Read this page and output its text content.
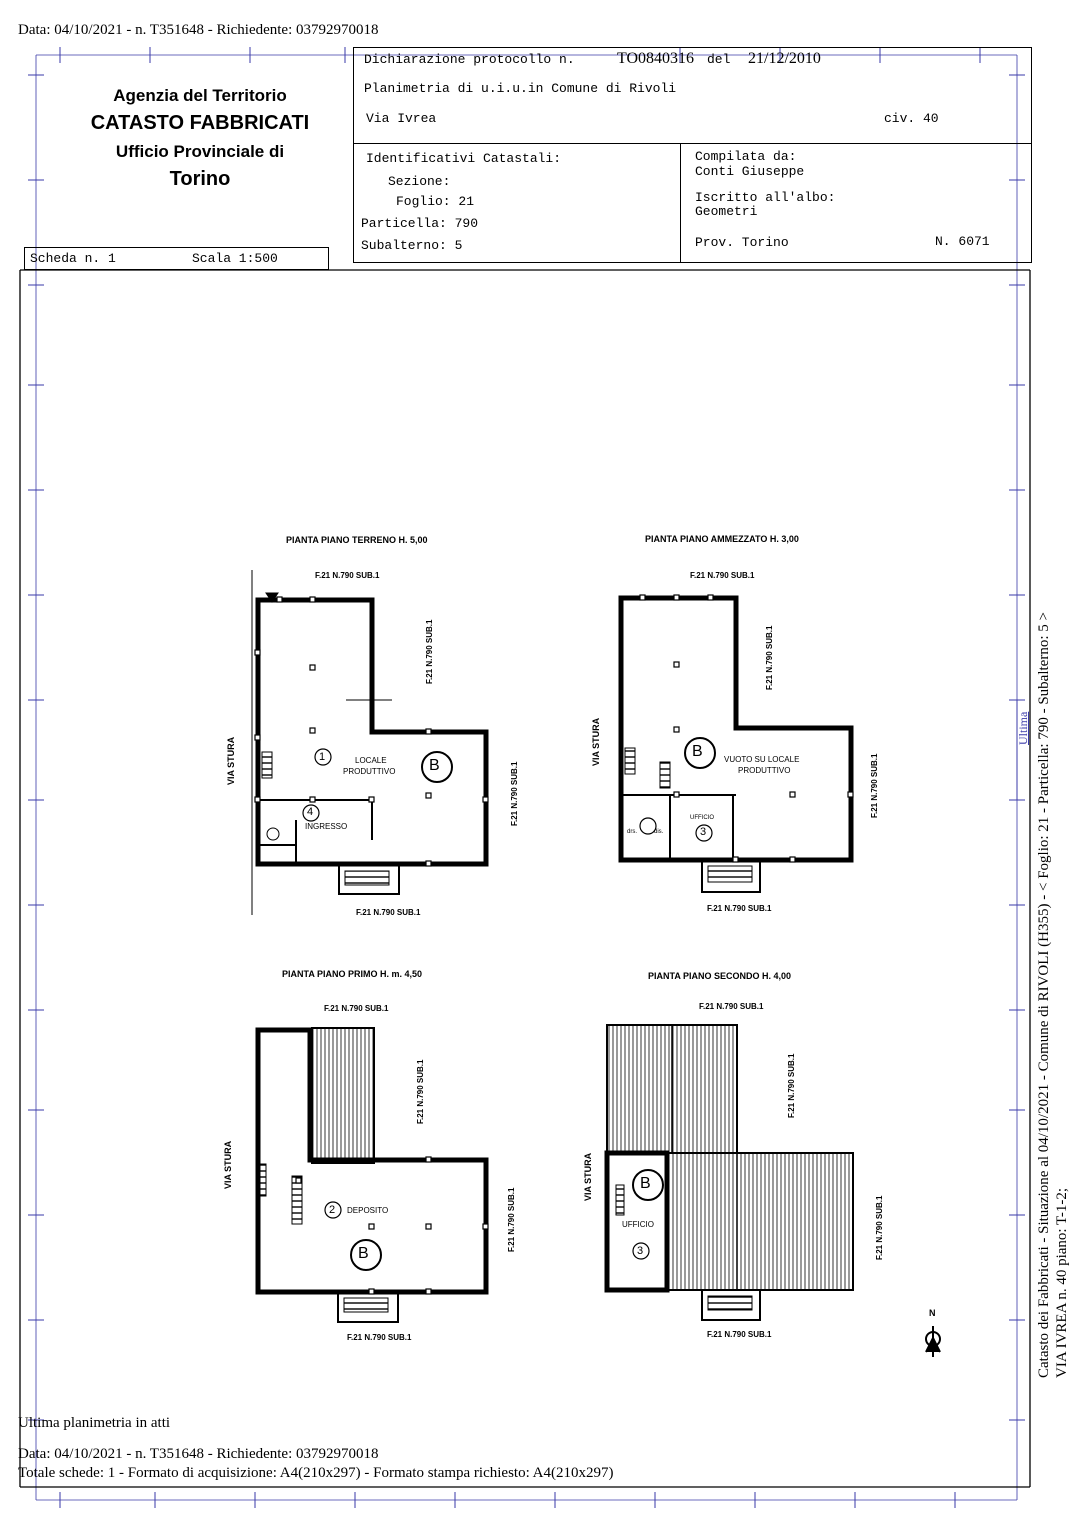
Data: 04/10/2021 - n. T351648 - Richiedente: 03792970018
Agenzia del Territorio
CATASTO FABBRICATI
Ufficio Provinciale di
Torino
Dichiarazione protocollo n.	TO0840316 del 21/12/2010
Planimetria di u.i.u.in Comune di Rivoli
Via Ivrea	civ. 40
Identificativi Catastali:
Sezione:
Foglio: 21
Particella: 790
Subalterno: 5
Compilata da:
Conti Giuseppe
Iscritto all'albo:
Geometri
Prov. Torino	N. 6071
Scheda n. 1	Scala 1:500
PIANTA PIANO TERRENO H. 5,00
F.21 N.790 SUB.1
VIA STURA
F.21 N.790 SUB.1
F.21 N.790 SUB.1
F.21 N.790 SUB.1
1	LOCALE
PRODUTTIVO B
4
INGRESSO
PIANTA PIANO AMMEZZATO H. 3,00
F.21 N.790 SUB.1
VIA STURA
F.21 N.790 SUB.1
F.21 N.790 SUB.1
F.21 N.790 SUB.1
B	VUOTO SU LOCALE
PRODUTTIVO
UFFICIO
3
drs.	dis.
PIANTA PIANO PRIMO H. m. 4,50
F.21 N.790 SUB.1
VIA STURA
F.21 N.790 SUB.1
F.21 N.790 SUB.1
F.21 N.790 SUB.1
2 DEPOSITO
B
PIANTA PIANO SECONDO H. 4,00
F.21 N.790 SUB.1
VIA STURA
F.21 N.790 SUB.1
F.21 N.790 SUB.1
F.21 N.790 SUB.1
B
UFFICIO
3
N	Catasto dei Fabbricati - Situazione al 04/10/2021 - Comune di RIVOLI (H355) - < Foglio: 21 - Particella: 790 - Subalterno: 5 > VIA IVREA n. 40 piano: T-1-2;
Ultima
Ultima planimetria in atti
Data: 04/10/2021 - n. T351648 - Richiedente: 03792970018
Totale schede: 1 - Formato di acquisizione: A4(210x297) - Formato stampa richiesto: A4(210x297)
